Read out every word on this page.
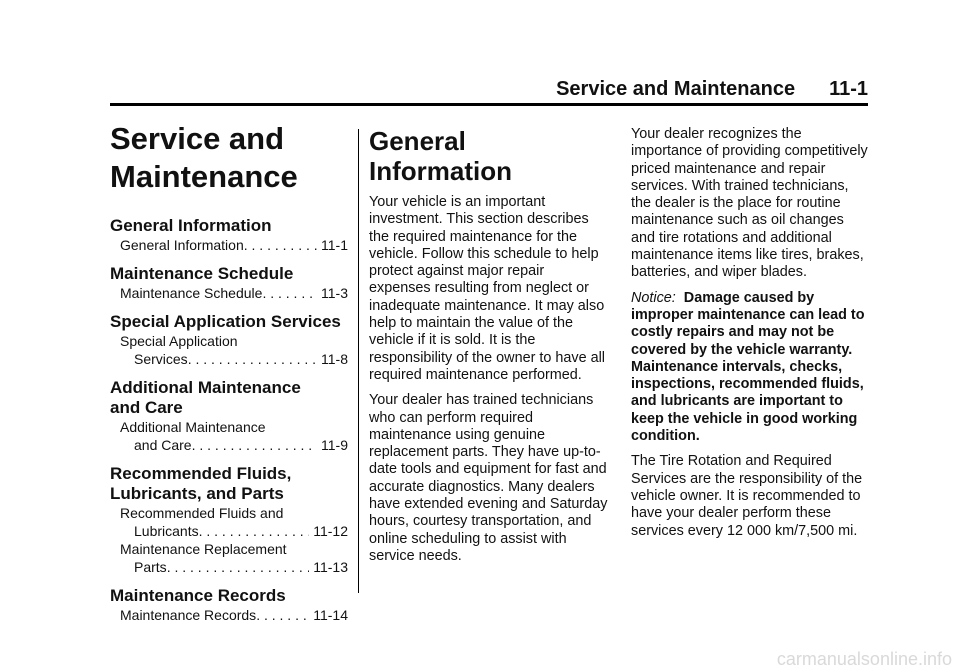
Service and Maintenance 11-1
Service and
Maintenance
General Information
General Information . . .	11-1
Maintenance Schedule
Maintenance Schedule . . .	11-3
Special Application Services
Special Application
Services . . .	11-8
Additional Maintenance
and Care
Additional Maintenance
and Care . . .	11-9
Recommended Fluids,
Lubricants, and Parts
Recommended Fluids and
Lubricants . . .	11-12
Maintenance Replacement
Parts . . .	11-13
Maintenance Records
Maintenance Records . . .	11-14
General Information

Your vehicle is an important investment. This section describes the required maintenance for the vehicle. Follow this schedule to help protect against major repair expenses resulting from neglect or inadequate maintenance. It may also help to maintain the value of the vehicle if it is sold. It is the responsibility of the owner to have all required maintenance performed.

Your dealer has trained technicians who can perform required maintenance using genuine replacement parts. They have up-to-date tools and equipment for fast and accurate diagnostics. Many dealers have extended evening and Saturday hours, courtesy transportation, and online scheduling to assist with service needs.

Your dealer recognizes the importance of providing competitively priced maintenance and repair services. With trained technicians, the dealer is the place for routine maintenance such as oil changes and tire rotations and additional maintenance items like tires, brakes, batteries, and wiper blades.

Notice: Damage caused by improper maintenance can lead to costly repairs and may not be covered by the vehicle warranty. Maintenance intervals, checks, inspections, recommended fluids, and lubricants are important to keep the vehicle in good working condition.

The Tire Rotation and Required Services are the responsibility of the vehicle owner. It is recommended to have your dealer perform these services every 12 000 km/7,500 mi.

carmanualsonline.info
